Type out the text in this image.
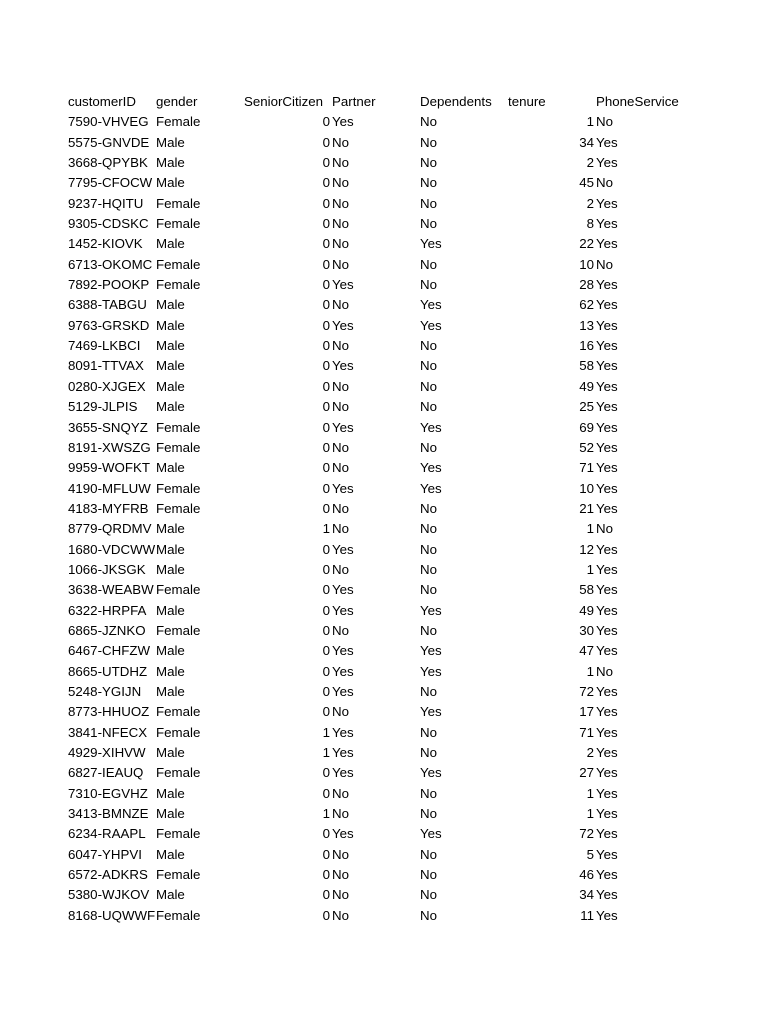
customerID	gender	SeniorCitizen Partner	Dependents	tenure	PhoneService
7590-VHVEG Female	0 Yes	No	1 No
5575-GNVDE Male	0 No	No	34 Yes
3668-QPYBK Male	0 No	No	2 Yes
7795-CFOCW Male	0 No	No	45 No
9237-HQITU Female	0 No	No	2 Yes
9305-CDSKC Female	0 No	No	8 Yes
1452-KIOVK	Male	0 No	Yes	22 Yes
6713-OKOMC Female	0 No	No	10 No
7892-POOKP Female	0 Yes	No	28 Yes
6388-TABGU Male	0 No	Yes	62 Yes
9763-GRSKD Male	0 Yes	Yes	13 Yes
7469-LKBCI	Male	0 No	No	16 Yes
8091-TTVAX Male	0 Yes	No	58 Yes
0280-XJGEX Male	0 No	No	49 Yes
5129-JLPIS	Male	0 No	No	25 Yes
3655-SNQYZ Female	0 Yes	Yes	69 Yes
8191-XWSZG Female	0 No	No	52 Yes
9959-WOFKT Male	0 No	Yes	71 Yes
4190-MFLUW Female	0 Yes	Yes	10 Yes
4183-MYFRB Female	0 No	No	21 Yes
8779-QRDMV Male	1 No	No	1 No
1680-VDCWW Male	0 Yes	No	12 Yes
1066-JKSGK Male	0 No	No	1 Yes
3638-WEABW Female	0 Yes	No	58 Yes
6322-HRPFA Male	0 Yes	Yes	49 Yes
6865-JZNKO Female	0 No	No	30 Yes
6467-CHFZW Male	0 Yes	Yes	47 Yes
8665-UTDHZ Male	0 Yes	Yes	1 No
5248-YGIJN	Male	0 Yes	No	72 Yes
8773-HHUOZ Female	0 No	Yes	17 Yes
3841-NFECX Female	1 Yes	No	71 Yes
4929-XIHVW Male	1 Yes	No	2 Yes
6827-IEAUQ Female	0 Yes	Yes	27 Yes
7310-EGVHZ Male	0 No	No	1 Yes
3413-BMNZE Male	1 No	No	1 Yes
6234-RAAPL Female	0 Yes	Yes	72 Yes
6047-YHPVI	Male	0 No	No	5 Yes
6572-ADKRS Female	0 No	No	46 Yes
5380-WJKOV Male	0 No	No	34 Yes
8168-UQWWF Female	0 No	No	11 Yes
